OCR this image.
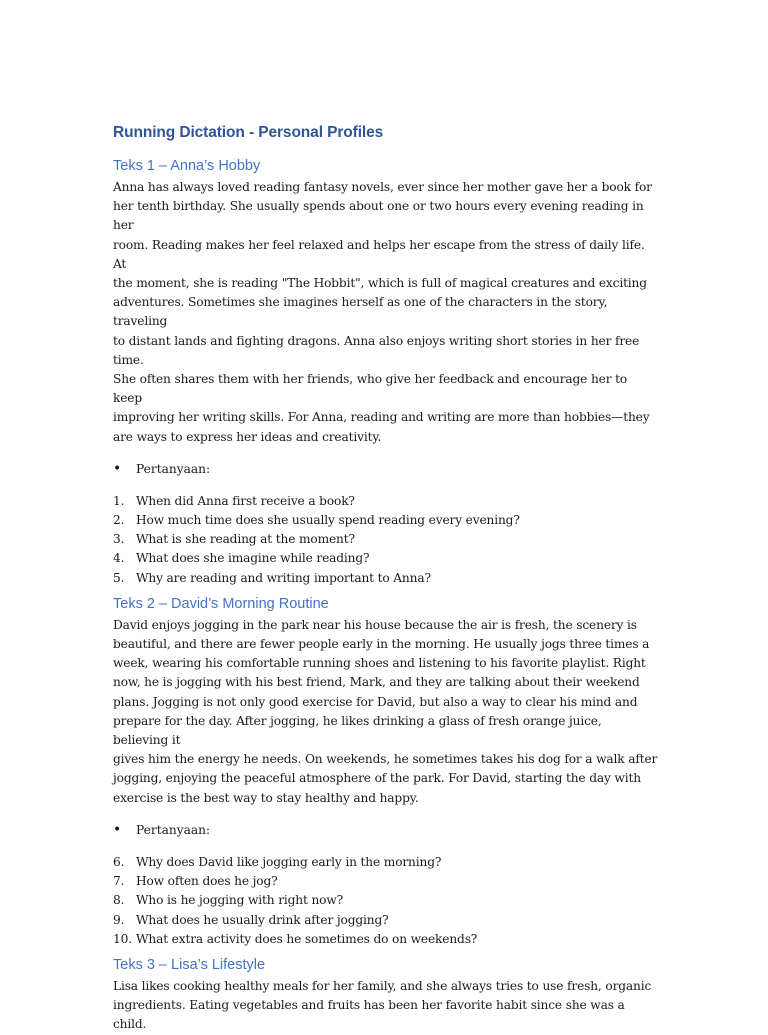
Running Dictation - Personal Profiles
Teks 1 – Anna’s Hobby
Anna has always loved reading fantasy novels, ever since her mother gave her a book for
her tenth birthday. She usually spends about one or two hours every evening reading in her
room. Reading makes her feel relaxed and helps her escape from the stress of daily life. At
the moment, she is reading "The Hobbit", which is full of magical creatures and exciting
adventures. Sometimes she imagines herself as one of the characters in the story, traveling
to distant lands and fighting dragons. Anna also enjoys writing short stories in her free time.
She often shares them with her friends, who give her feedback and encourage her to keep
improving her writing skills. For Anna, reading and writing are more than hobbies—they
are ways to express her ideas and creativity.
•	Pertanyaan:
1. When did Anna first receive a book?
2. How much time does she usually spend reading every evening?
3. What is she reading at the moment?
4. What does she imagine while reading?
5. Why are reading and writing important to Anna?
Teks 2 – David’s Morning Routine
David enjoys jogging in the park near his house because the air is fresh, the scenery is
beautiful, and there are fewer people early in the morning. He usually jogs three times a
week, wearing his comfortable running shoes and listening to his favorite playlist. Right
now, he is jogging with his best friend, Mark, and they are talking about their weekend
plans. Jogging is not only good exercise for David, but also a way to clear his mind and
prepare for the day. After jogging, he likes drinking a glass of fresh orange juice, believing it
gives him the energy he needs. On weekends, he sometimes takes his dog for a walk after
jogging, enjoying the peaceful atmosphere of the park. For David, starting the day with
exercise is the best way to stay healthy and happy.
•	Pertanyaan:
6. Why does David like jogging early in the morning?
7. How often does he jog?
8. Who is he jogging with right now?
9. What does he usually drink after jogging?
10. What extra activity does he sometimes do on weekends?
Teks 3 – Lisa’s Lifestyle
Lisa likes cooking healthy meals for her family, and she always tries to use fresh, organic
ingredients. Eating vegetables and fruits has been her favorite habit since she was a child.
